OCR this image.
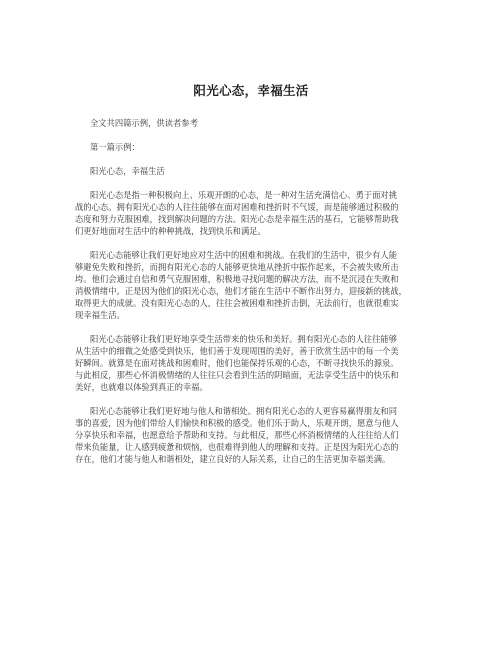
阳光心态，幸福生活
全文共四篇示例，供读者参考
第一篇示例：
阳光心态，幸福生活
阳光心态是指一种积极向上、乐观开朗的心态，是一种对生活充满信心、勇于面对挑
战的心态。拥有阳光心态的人往往能够在面对困难和挫折时不气馁，而是能够通过积极的
态度和努力克服困难，找到解决问题的方法。阳光心态是幸福生活的基石，它能够帮助我
们更好地面对生活中的种种挑战，找到快乐和满足。
阳光心态能够让我们更好地应对生活中的困难和挑战。在我们的生活中，很少有人能
够避免失败和挫折，而拥有阳光心态的人能够更快地从挫折中振作起来，不会被失败所击
垮。他们会通过自信和勇气克服困难，积极地寻找问题的解决方法，而不是沉浸在失败和
消极情绪中。正是因为他们的阳光心态，他们才能在生活中不断作出努力，迎接新的挑战，
取得更大的成就。没有阳光心态的人，往往会被困难和挫折击倒，无法前行，也就很难实
现幸福生活。
阳光心态能够让我们更好地享受生活带来的快乐和美好。拥有阳光心态的人往往能够
从生活中的细微之处感受到快乐，他们善于发现周围的美好，善于欣赏生活中的每一个美
好瞬间。就算是在面对挑战和困难时，他们也能保持乐观的心态，不断寻找快乐的源泉。
与此相反，那些心怀消极情绪的人往往只会看到生活的阴暗面，无法享受生活中的快乐和
美好，也就难以体验到真正的幸福。
阳光心态能够让我们更好地与他人和谐相处。拥有阳光心态的人更容易赢得朋友和同
事的喜爱，因为他们带给人们愉快和积极的感受。他们乐于助人，乐观开朗，愿意与他人
分享快乐和幸福，也愿意给予帮助和支持。与此相反，那些心怀消极情绪的人往往给人们
带来负能量，让人感到疲惫和烦恼，也很难得到他人的理解和支持。正是因为阳光心态的
存在，他们才能与他人和谐相处，建立良好的人际关系，让自己的生活更加幸福美满。
